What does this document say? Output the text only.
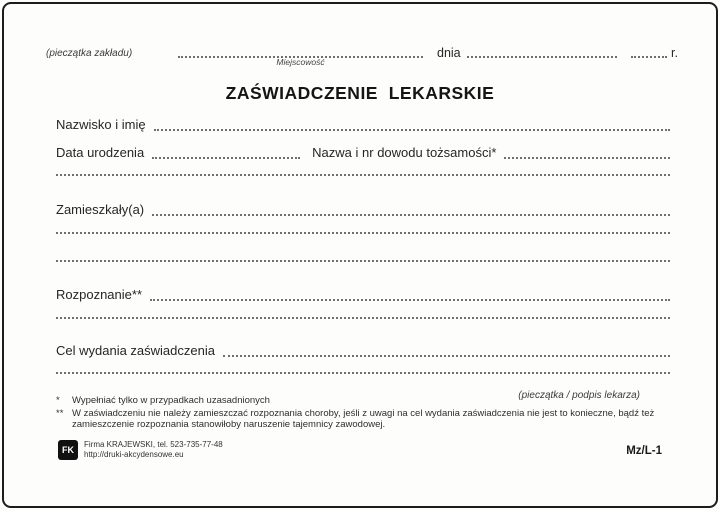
(pieczątka zakładu)
Miejscowość
dnia	r.
ZAŚWIADCZENIE  LEKARSKIE
Nazwisko i imię
Data urodzenia	Nazwa i nr dowodu tożsamości*
Zamieszkały(a)
Rozpoznanie**
Cel wydania zaświadczenia
(pieczątka / podpis lekarza)
*	Wypełniać tylko w przypadkach uzasadnionych
** W zaświadczeniu nie należy zamieszczać rozpoznania choroby, jeśli z uwagi na cel wydania zaświadczenia nie jest to konieczne, bądź też zamieszczenie rozpoznania stanowiłoby naruszenie tajemnicy zawodowej.
FK
Firma KRAJEWSKI, tel. 523-735-77-48
http://druki-akcydensowe.eu	Mz/L-1
